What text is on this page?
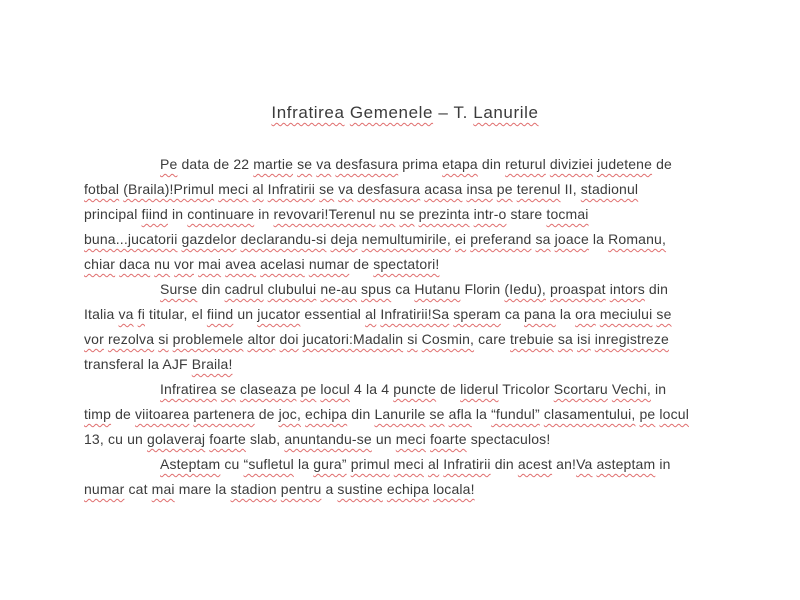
Infratirea Gemenele – T. Lanurile
Pe data de 22 martie se va desfasura prima etapa din returul diviziei judetene de
fotbal (Braila)!Primul meci al Infratirii se va desfasura acasa insa pe terenul II, stadionul
principal fiind in continuare in revovari!Terenul nu se prezinta intr-o stare tocmai
buna...jucatorii gazdelor declarandu-si deja nemultumirile, ei preferand sa joace la Romanu,
chiar daca nu vor mai avea acelasi numar de spectatori!
Surse din cadrul clubului ne-au spus ca Hutanu Florin (Iedu), proaspat intors din
Italia va fi titular, el fiind un jucator essential al Infratirii!Sa speram ca pana la ora meciului se
vor rezolva si problemele altor doi jucatori:Madalin si Cosmin, care trebuie sa isi inregistreze
transferal la AJF Braila!
Infratirea se claseaza pe locul 4 la 4 puncte de liderul Tricolor Scortaru Vechi, in
timp de viitoarea partenera de joc, echipa din Lanurile se afla la “fundul” clasamentului, pe locul
13, cu un golaveraj foarte slab, anuntandu-se un meci foarte spectaculos!
Asteptam cu “sufletul la gura” primul meci al Infratirii din acest an!Va asteptam in
numar cat mai mare la stadion pentru a sustine echipa locala!
